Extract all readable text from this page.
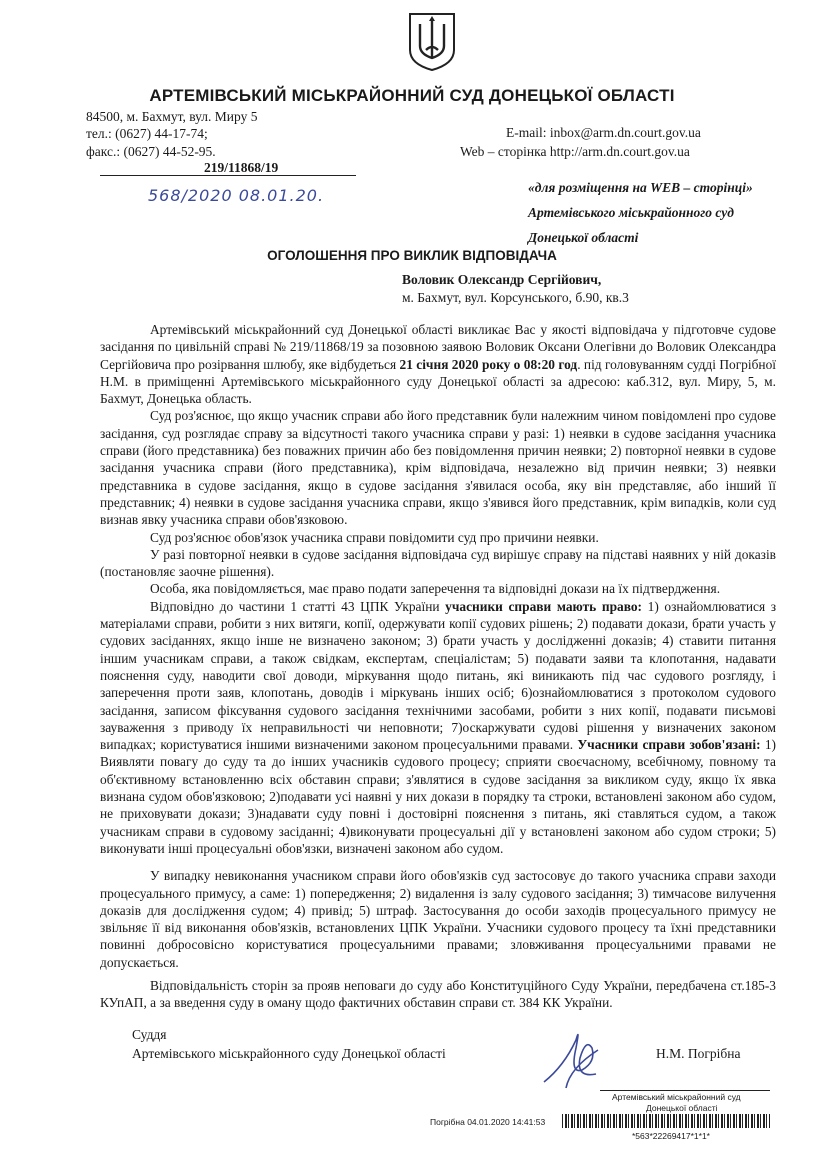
АРТЕМІВСЬКИЙ МІСЬКРАЙОННИЙ СУД ДОНЕЦЬКОЇ ОБЛАСТІ
84500, м. Бахмут, вул. Миру 5
тел.: (0627) 44-17-74;
факс.: (0627) 44-52-95.
E-mail: inbox@arm.dn.court.gov.ua
Web – сторінка http://arm.dn.court.gov.ua
219/11868/19
568/2020 08.01.20.	«для розміщення на WEB – сторінці»
Артемівського міськрайонного суд
Донецької області
ОГОЛОШЕННЯ ПРО ВИКЛИК ВІДПОВІДАЧА
Воловик Олександр Сергійович,
м. Бахмут, вул. Корсунського, б.90, кв.3

Артемівський міськрайонний суд Донецької області викликає Вас у якості відповідача у підготовче судове засідання по цивільній справі № 219/11868/19 за позовною заявою Воловик Оксани Олегівни до Воловик Олександра Сергійовича про розірвання шлюбу, яке відбудеться 21 січня 2020 року о 08:20 год. під головуванням судді Погрібної Н.М. в приміщенні Артемівського міськрайонного суду Донецької області за адресою: каб.312, вул. Миру, 5, м. Бахмут, Донецька область.

Суд роз'яснює, що якщо учасник справи або його представник були належним чином повідомлені про судове засідання, суд розглядає справу за відсутності такого учасника справи у разі: 1) неявки в судове засідання учасника справи (його представника) без поважних причин або без повідомлення причин неявки; 2) повторної неявки в судове засідання учасника справи (його представника), крім відповідача, незалежно від причин неявки; 3) неявки представника в судове засідання, якщо в судове засідання з'явилася особа, яку він представляє, або інший її представник; 4) неявки в судове засідання учасника справи, якщо з'явився його представник, крім випадків, коли суд визнав явку учасника справи обов'язковою.

Суд роз'яснює обов'язок учасника справи повідомити суд про причини неявки.

У разі повторної неявки в судове засідання відповідача суд вирішує справу на підставі наявних у ній доказів (постановляє заочне рішення).

Особа, яка повідомляється, має право подати заперечення та відповідні докази на їх підтвердження.

Відповідно до частини 1 статті 43 ЦПК України учасники справи мають право: 1) ознайомлюватися з матеріалами справи, робити з них витяги, копії, одержувати копії судових рішень; 2) подавати докази, брати участь у судових засіданнях, якщо інше не визначено законом; 3) брати участь у дослідженні доказів; 4) ставити питання іншим учасникам справи, а також свідкам, експертам, спеціалістам; 5) подавати заяви та клопотання, надавати пояснення суду, наводити свої доводи, міркування щодо питань, які виникають під час судового розгляду, і заперечення проти заяв, клопотань, доводів і міркувань інших осіб; 6)ознайомлюватися з протоколом судового засідання, записом фіксування судового засідання технічними засобами, робити з них копії, подавати письмові зауваження з приводу їх неправильності чи неповноти; 7)оскаржувати судові рішення у визначених законом випадках; користуватися іншими визначеними законом процесуальними правами. Учасники справи зобов'язані: 1) Виявляти повагу до суду та до інших учасників судового процесу; сприяти своєчасному, всебічному, повному та об'єктивному встановленню всіх обставин справи; з'являтися в судове засідання за викликом суду, якщо їх явка визнана судом обов'язковою; 2)подавати усі наявні у них докази в порядку та строки, встановлені законом або судом, не приховувати докази; 3)надавати суду повні і достовірні пояснення з питань, які ставляться судом, а також учасникам справи в судовому засіданні; 4)виконувати процесуальні дії у встановлені законом або судом строки; 5) виконувати інші процесуальні обов'язки, визначені законом або судом.

У випадку невиконання учасником справи його обов'язків суд застосовує до такого учасника справи заходи процесуального примусу, а саме: 1) попередження; 2) видалення із залу судового засідання; 3) тимчасове вилучення доказів для дослідження судом; 4) привід; 5) штраф. Застосування до особи заходів процесуального примусу не звільняє її від виконання обов'язків, встановлених ЦПК України. Учасники судового процесу та їхні представники повинні добросовісно користуватися процесуальними правами; зловживання процесуальними правами не допускається.

Відповідальність сторін за прояв неповаги до суду або Конституційного Суду України, передбачена ст.185-3 КУпАП, а за введення суду в оману щодо фактичних обставин справи ст. 384 КК України.

Суддя
Артемівського міськрайонного суду Донецької області	Н.М. Погрібна
Артемівський міськрайонний суд
Донецької області
Погрібна 04.01.2020 14:41:53
*563*22269417*1*1*
